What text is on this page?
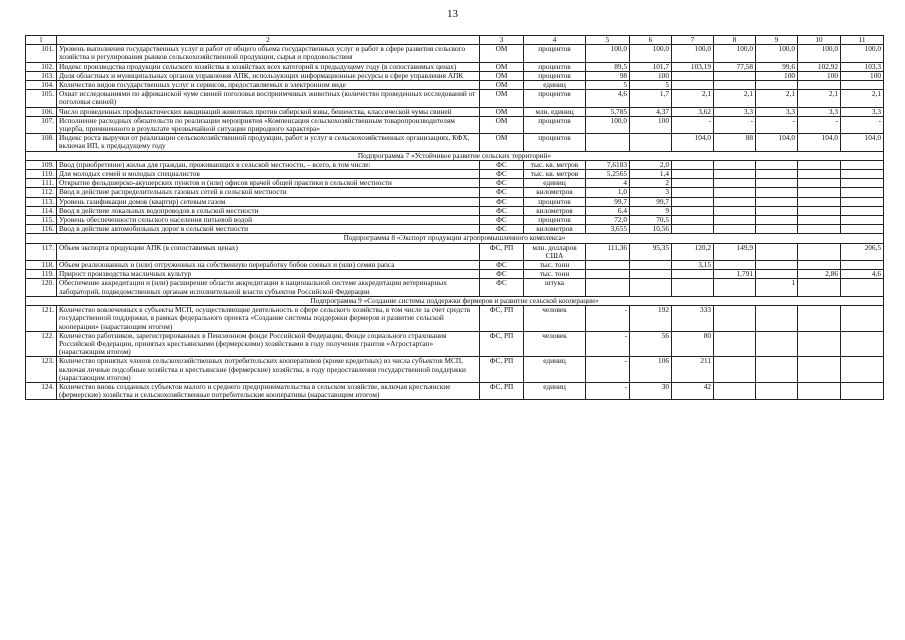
13
1	2	3	4	5	6	7	8	9	10	11
101.	Уровень выполнения государственных услуг и работ от общего объема государственных услуг и работ в сфере развития сельского хозяйства и регулирования рынков сельскохозяйственной продукции, сырья и продовольствия	ОМ	процентов	100,0	100,0	100,0	100,0	100,0	100,0	100,0
102.	Индекс производства продукции сельского хозяйства в хозяйствах всех категорий к предыдущему году (в сопоставимых ценах)	ОМ	процентов	89,5	101,7	103,19	77,58	99,6	102,92	103,3
103.	Доля областных и муниципальных органов управления АПК, использующих информационные ресурсы в сфере управления АПК	ОМ	процентов	98	100			100	100	100
104.	Количество видов государственных услуг и сервисов, предоставляемых в электронном виде	ОМ	единиц	5	5					
105.	Охват исследованиями по африканской чуме свиней поголовья восприимчивых животных (количество проведенных исследований от поголовья свиней)	ОМ	процентов	4,6	1,7	2,1	2,1	2,1	2,1	2,1
106.	Число проведенных профилактических вакцинаций животных против сибирской язвы, бешенства, классической чумы свиней	ОМ	млн. единиц	5,785	4,37	3,62	3,3	3,3	3,3	3,3
107.	Исполнение расходных обязательств по реализации мероприятия «Компенсация сельскохозяйственным товаропроизводителям ущерба, причиненного в результате чрезвычайной ситуации природного характера»	ОМ	процентов	100,0	100	-	-	-	-	-
108.	Индекс роста выручки от реализации сельскохозяйственной продукции, работ и услуг в сельскохозяйственных организациях, КФХ, включая ИП, к предыдущему году	ОМ	процентов			104,0	88	104,0	104,0	104,0
Подпрограмма 7 «Устойчивое развитие сельских территорий»										
109.	Ввод (приобретение) жилья для граждан, проживающих в сельской местности, – всего, в том числе:	ФС	тыс. кв. метров	7,6183	2,0					
110.	Для молодых семей и молодых специалистов	ФС	тыс. кв. метров	5,2565	1,4					
111.	Открытие фельдшерско-акушерских пунктов и (или) офисов врачей общей практики в сельской местности	ФС	единиц	4	2					
112.	Ввод в действие распределительных газовых сетей в сельской местности	ФС	километров	1,0	3					
113.	Уровень газификации домов (квартир) сетевым газом	ФС	процентов	99,7	99,7					
114.	Ввод в действие локальных водопроводов в сельской местности	ФС	километров	6,4	9					
115.	Уровень обеспеченности сельского населения питьевой водой	ФС	процентов	72,0	70,5					
116.	Ввод в действие автомобильных дорог в сельской местности	ФС	километров	3,655	10,56					
Подпрограмма 8 «Экспорт продукции агропромышленного комплекса»										
117.	Объем экспорта продукции АПК (в сопоставимых ценах)	ФС, РП	млн. долларов США	111,36	95,35	120,2	149,9			206,5
118.	Объем реализованных и (или) отгруженных на собственную переработку бобов соевых и (или) семян рапса	ФС	тыс. тонн			3,15				
119.	Прирост производства масличных культур	ФС	тыс. тонн				1,791		2,86	4,6
120.	Обеспечение аккредитации и (или) расширение области аккредитации в национальной системе аккредитации ветеринарных лабораторий, подведомственных органам исполнительной власти субъектов Российской Федерации	ФС	штука					1		
Подпрограмма 9 «Создание системы поддержки фермеров и развитие сельской кооперации»										
121.	Количество вовлеченных в субъекты МСП, осуществляющие деятельность в сфере сельского хозяйства, в том числе за счет средств государственной поддержки, в рамках федерального проекта «Создание системы поддержки фермеров и развитие сельской кооперации» (нарастающим итогом)	ФС, РП	человек	-	192	333				
122.	Количество работников, зарегистрированных в Пенсионном фонде Российской Федерации, Фонде социального страхования Российской Федерации, принятых крестьянскими (фермерскими) хозяйствами в году получения грантов «Агростартап» (нарастающим итогом)	ФС, РП	человек	-	56	80				
123.	Количество принятых членов сельскохозяйственных потребительских кооперативов (кроме кредитных) из числа субъектов МСП, включая личные подсобные хозяйства и крестьянские (фермерские) хозяйства, в году предоставления государственной поддержки (нарастающим итогом)	ФС, РП	единиц	-	106	211				
124.	Количество вновь созданных субъектов малого и среднего предпринимательства в сельском хозяйстве, включая крестьянские (фермерские) хозяйства и сельскохозяйственные потребительские кооперативы (нарастающим итогом)	ФС, РП	единиц	-	30	42				
